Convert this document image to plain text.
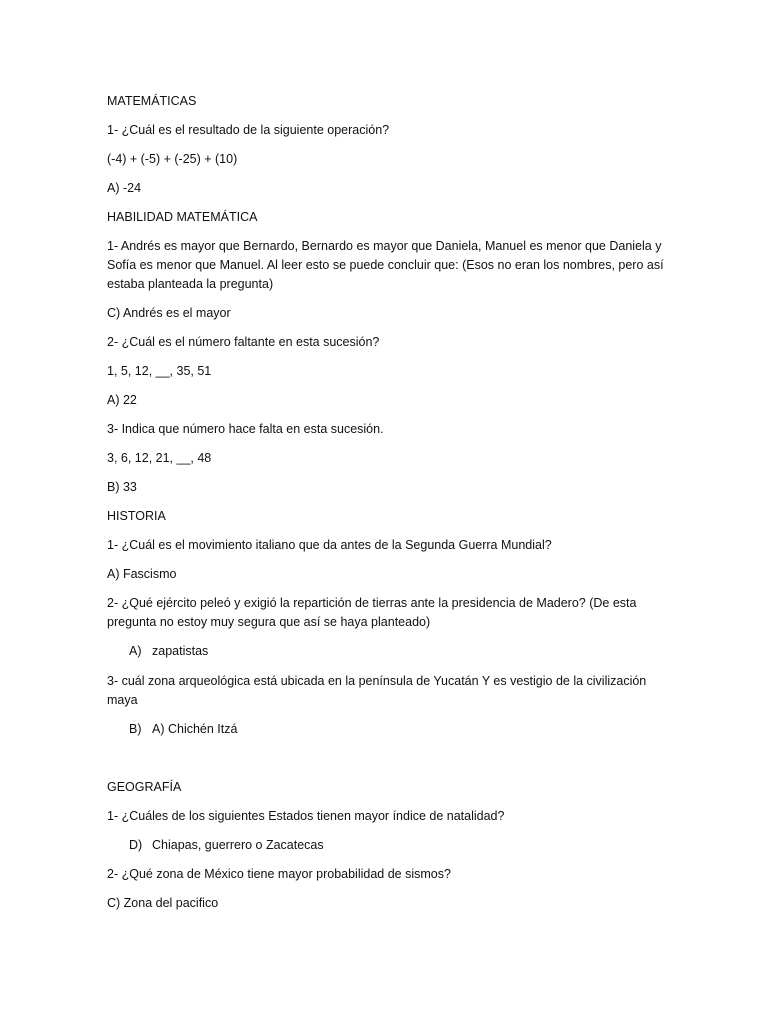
MATEMÁTICAS
1- ¿Cuál es el resultado de la siguiente operación?
(-4) + (-5) + (-25) + (10)
A) -24
HABILIDAD MATEMÁTICA
1- Andrés es mayor que Bernardo, Bernardo es mayor que Daniela, Manuel es menor que Daniela y
Sofía es menor que Manuel. Al leer esto se puede concluir que: (Esos no eran los nombres, pero así
estaba planteada la pregunta)
C) Andrés es el mayor
2- ¿Cuál es el número faltante en esta sucesión?
1, 5, 12, __, 35, 51
A) 22
3- Indica que número hace falta en esta sucesión.
3, 6, 12, 21, __, 48
B) 33
HISTORIA
1- ¿Cuál es el movimiento italiano que da antes de la Segunda Guerra Mundial?
A) Fascismo
2- ¿Qué ejército peleó y exigió la repartición de tierras ante la presidencia de Madero? (De esta
pregunta no estoy muy segura que así se haya planteado)
A) zapatistas
3- cuál zona arqueológica está ubicada en la península de Yucatán Y es vestigio de la civilización
maya
B) A) Chichén Itzá
GEOGRAFÍA
1- ¿Cuáles de los siguientes Estados tienen mayor índice de natalidad?
D) Chiapas, guerrero o Zacatecas
2- ¿Qué zona de México tiene mayor probabilidad de sismos?
C) Zona del pacifico
